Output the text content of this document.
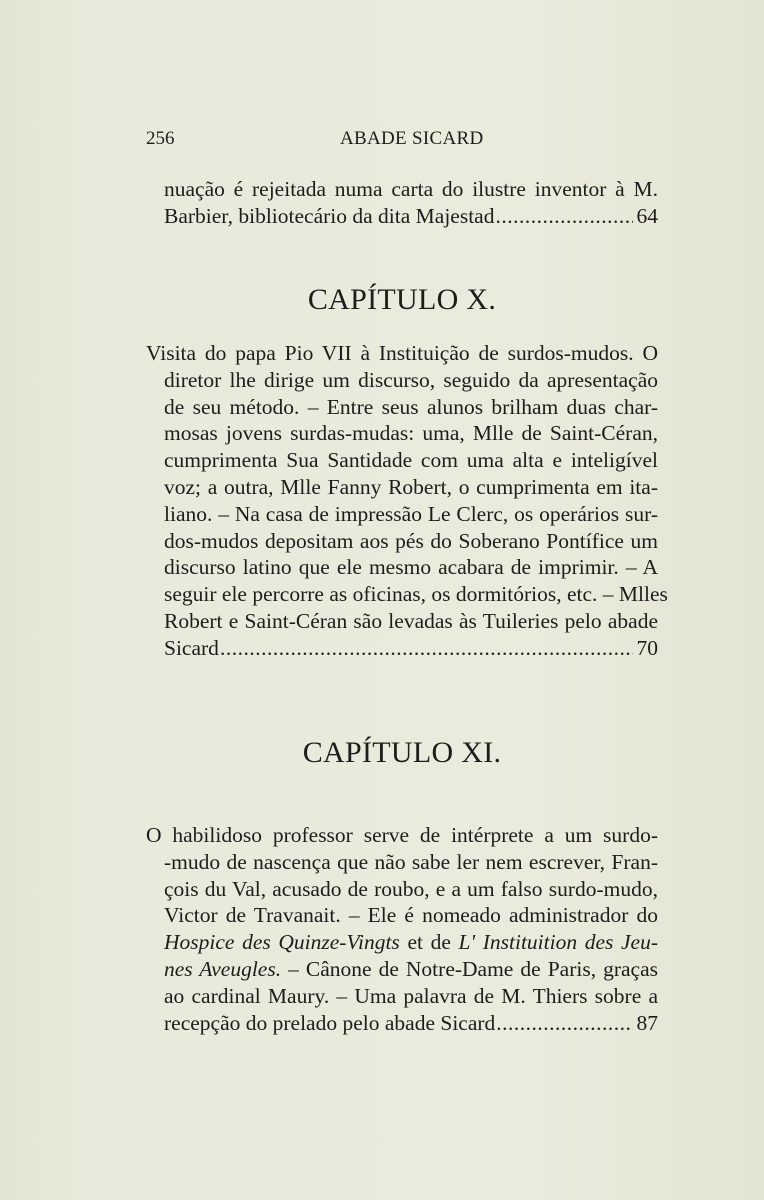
256	ABADE SICARD
nuação é rejeitada numa carta do ilustre inventor à M.
Barbier, bibliotecário da dita Majestad .....	64
CAPÍTULO X.
Visita do papa Pio VII à Instituição de surdos-mudos. O
diretor lhe dirige um discurso, seguido da apresentação
de seu método. – Entre seus alunos brilham duas char-
mosas jovens surdas-mudas: uma, Mlle de Saint-Céran,
cumprimenta Sua Santidade com uma alta e inteligível
voz; a outra, Mlle Fanny Robert, o cumprimenta em ita-
liano. – Na casa de impressão Le Clerc, os operários sur-
dos-mudos depositam aos pés do Soberano Pontífice um
discurso latino que ele mesmo acabara de imprimir. – A
seguir ele percorre as oficinas, os dormitórios, etc. – Mlles
Robert e Saint-Céran são levadas às Tuileries pelo abade
Sicard .....	70
CAPÍTULO XI.
O habilidoso professor serve de intérprete a um surdo-
-mudo de nascença que não sabe ler nem escrever, Fran-
çois du Val, acusado de roubo, e a um falso surdo-mudo,
Victor de Travanait. – Ele é nomeado administrador do
Hospice des Quinze-Vingts et de L' Instituition des Jeu-
nes Aveugles. – Cânone de Notre-Dame de Paris, graças
ao cardinal Maury. – Uma palavra de M. Thiers sobre a
recepção do prelado pelo abade Sicard .....	87
